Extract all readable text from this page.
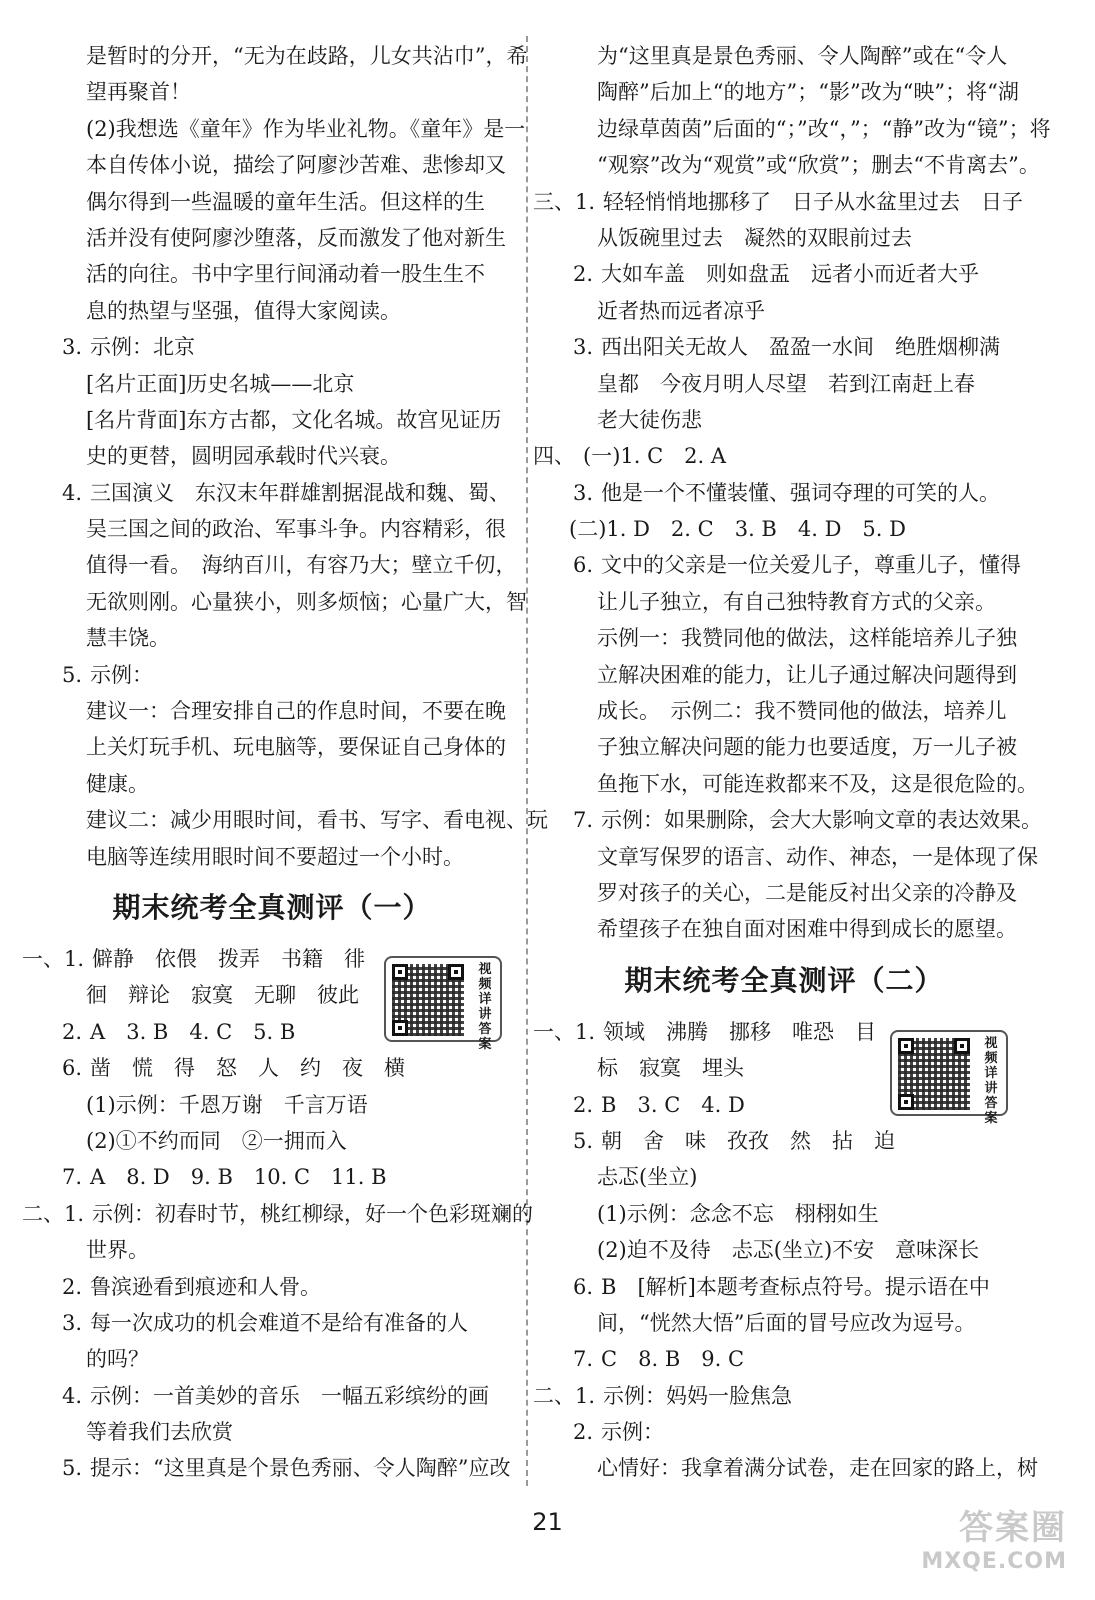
是暂时的分开，“无为在歧路，儿女共沾巾”，希
望再聚首！
(2)我想选《童年》作为毕业礼物。《童年》是一
本自传体小说，描绘了阿廖沙苦难、悲惨却又
偶尔得到一些温暖的童年生活。但这样的生
活并没有使阿廖沙堕落，反而激发了他对新生
活的向往。书中字里行间涌动着一股生生不
息的热望与坚强，值得大家阅读。
3. 示例：北京
[名片正面]历史名城——北京
[名片背面]东方古都，文化名城。故宫见证历
史的更替，圆明园承载时代兴衰。
4. 三国演义　东汉末年群雄割据混战和魏、蜀、
吴三国之间的政治、军事斗争。内容精彩，很
值得一看。　海纳百川，有容乃大；壁立千仞，
无欲则刚。心量狭小，则多烦恼；心量广大，智
慧丰饶。
5. 示例：
建议一：合理安排自己的作息时间，不要在晚
上关灯玩手机、玩电脑等，要保证自己身体的
健康。
建议二：减少用眼时间，看书、写字、看电视、玩
电脑等连续用眼时间不要超过一个小时。
期末统考全真测评（一）
一、1. 僻静　依偎　拨弄　书籍　徘
徊　辩论　寂寞　无聊　彼此
2. A　3. B　4. C　5. B
6. 凿　慌　得　怒　人　约　夜　横
(1)示例：千恩万谢　千言万语
(2)①不约而同　②一拥而入
7. A　8. D　9. B　10. C　11. B
二、1. 示例：初春时节，桃红柳绿，好一个色彩斑斓的
世界。
2. 鲁滨逊看到痕迹和人骨。
3. 每一次成功的机会难道不是给有准备的人
的吗？
4. 示例：一首美妙的音乐　一幅五彩缤纷的画
等着我们去欣赏
5. 提示：“这里真是个景色秀丽、令人陶醉”应改
为“这里真是景色秀丽、令人陶醉”或在“令人
陶醉”后加上“的地方”；“影”改为“映”；将“湖
边绿草茵茵”后面的“；”改“，”；“静”改为“镜”；将
“观察”改为“观赏”或“欣赏”；删去“不肯离去”。
三、1. 轻轻悄悄地挪移了　日子从水盆里过去　日子
从饭碗里过去　凝然的双眼前过去
2. 大如车盖　则如盘盂　远者小而近者大乎
近者热而远者凉乎
3. 西出阳关无故人　盈盈一水间　绝胜烟柳满
皇都　今夜月明人尽望　若到江南赶上春
老大徒伤悲
四、 (一)1. C　2. A
3. 他是一个不懂装懂、强词夺理的可笑的人。
(二)1. D　2. C　3. B　4. D　5. D
6. 文中的父亲是一位关爱儿子，尊重儿子，懂得
让儿子独立，有自己独特教育方式的父亲。
示例一：我赞同他的做法，这样能培养儿子独
立解决困难的能力，让儿子通过解决问题得到
成长。　示例二：我不赞同他的做法，培养儿
子独立解决问题的能力也要适度，万一儿子被
鱼拖下水，可能连救都来不及，这是很危险的。
7. 示例：如果删除，会大大影响文章的表达效果。
文章写保罗的语言、动作、神态，一是体现了保
罗对孩子的关心，二是能反衬出父亲的冷静及
希望孩子在独自面对困难中得到成长的愿望。
期末统考全真测评（二）
一、1. 领域　沸腾　挪移　唯恐　目
标　寂寞　埋头
2. B　3. C　4. D
5. 朝　舍　味　孜孜　然　拈　迫
忐忑(坐立)
(1)示例：念念不忘　栩栩如生
(2)迫不及待　忐忑(坐立)不安　意味深长
6. B　[解析]本题考查标点符号。提示语在中
间，“恍然大悟”后面的冒号应改为逗号。
7. C　8. B　9. C
二、1. 示例：妈妈一脸焦急
2. 示例：
心情好：我拿着满分试卷，走在回家的路上，树
视频详讲答案	视频详讲答案
21	答案圈
MXQE.COM
